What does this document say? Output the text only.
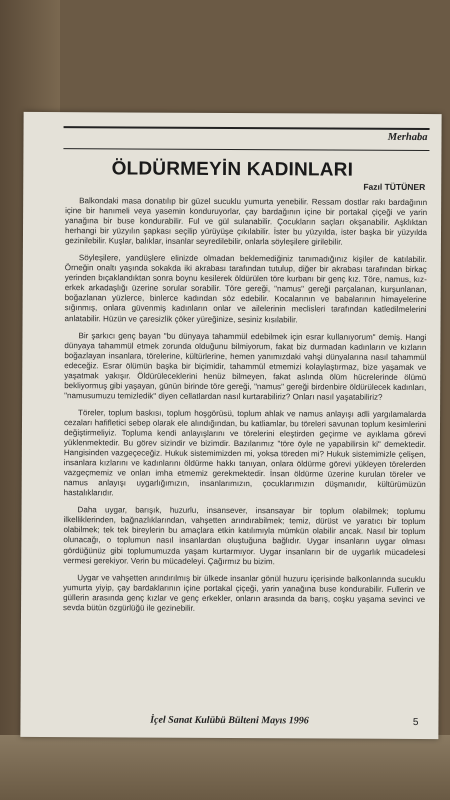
Merhaba
ÖLDÜRMEYİN KADINLARI
Fazıl TÜTÜNER

Balkondaki masa donatılıp bir güzel sucuklu yumurta yenebilir. Ressam dostlar rakı bardağının içine bir hanımeli veya yasemin konduruyorlar, çay bardağının içine bir portakal çiçeği ve yarin yanağına bir buse kondurabilir. Ful ve gül sulanabilir. Çocukların saçları okşanabilir. Aşklıktan herhangi bir yüzyılın şapkası seçilip yürüyüşe çıkılabilir. İster bu yüzyılda, ister başka bir yüzyılda gezinilebilir. Kuşlar, balıklar, insanlar seyredilebilir, onlarla söyleşilere girilebilir.

Söyleşilere, yandüşlere elinizde olmadan beklemediğiniz tanımadığınız kişiler de katılabilir. Örneğin onaltı yaşında sokakda iki akrabası tarafından tutulup, diğer bir akrabası tarafından birkaç yerinden bıçaklandıktan sonra boynu kesilerek öldürülen töre kurbanı bir genç kız. Töre, namus, kız-erkek arkadaşlığı üzerine sorular sorabilir. Töre gereği, "namus" gereği parçalanan, kurşunlanan, boğazlanan yüzlerce, binlerce kadından söz edebilir. Kocalarının ve babalarının himayelerine sığınmış, onlara güvenmiş kadınların onlar ve ailelerinin meclisleri tarafından katledilmelerini anlatabilir. Hüzün ve çaresizlik çöker yüreğinize, sesiniz kısılabilir.

Bir şarkıcı genç bayan "bu dünyaya tahammül edebilmek için esrar kullanıyorum" demiş. Hangi dünyaya tahammül etmek zorunda olduğunu bilmiyorum, fakat biz durmadan kadınların ve kızların boğazlayan insanlara, törelerine, kültürlerine, hemen yanımızdaki vahşi dünyalarına nasıl tahammül edeceğiz. Esrar ölümün başka bir biçimidir, tahammül etmemizi kolaylaştırmaz, bize yaşamak ve yaşatmak yakışır. Öldürüleceklerini henüz bilmeyen, fakat aslında ölüm hücrelerinde ölümü bekliyormuş gibi yaşayan, günün birinde töre gereği, "namus" gereği birdenbire öldürülecek kadınları, "namusumuzu temizledik" diyen cellatlardan nasıl kurtarabiliriz? Onları nasıl yaşatabiliriz?

Töreler, toplum baskısı, toplum hoşgörüsü, toplum ahlak ve namus anlayışı adli yargılamalarda cezaları hafifletici sebep olarak ele alındığından, bu katliamlar, bu töreleri savunan toplum kesimlerini değiştirmeliyiz. Topluma kendi anlayışlarını ve törelerini eleştirden geçirme ve ayıklama görevi yüklenmektedir. Bu görev sizindir ve bizimdir. Bazılarımız "töre öyle ne yapabilirsin ki" demektedir. Hangisinden vazgeçeceğiz. Hukuk sistemimizden mi, yoksa töreden mi? Hukuk sistemimizle çelişen, insanlara kızlarını ve kadınlarını öldürme hakkı tanıyan, onlara öldürme görevi yükleyen törelerden vazgeçmemiz ve onları imha etmemiz gerekmektedir. İnsan öldürme üzerine kurulan töreler ve namus anlayışı uygarlığımızın, insanlarımızın, çocuklarımızın düşmanıdır, kültürümüzün hastalıklarıdır.

Daha uygar, barışık, huzurlu, insansever, insansayar bir toplum olabilmek; toplumu ilkelliklerinden, bağnazlıklarından, vahşetten arındırabilmek; temiz, dürüst ve yaratıcı bir toplum olabilmek; tek tek bireylerin bu amaçlara etkin katılımıyla mümkün olabilir ancak. Nasıl bir toplum olunacağı, o toplumun nasıl insanlardan oluştuğuna bağlıdır. Uygar insanların uygar olması gördüğünüz gibi toplumumuzda yaşam kurtarmıyor. Uygar insanların bir de uygarlık mücadelesi vermesi gerekiyor. Verin bu mücadeleyi. Çağırmız bu bizim.

Uygar ve vahşetten arındırılmış bir ülkede insanlar gönül huzuru içerisinde balkonlarında sucuklu yumurta yiyip, çay bardaklarının içine portakal çiçeği, yarin yanağına buse kondurabilir. Fullerin ve güllerin arasında genç kızlar ve genç erkekler, onların arasında da barış, coşku yaşama sevinci ve sevda bütün özgürlüğü ile gezinebilir.

İçel Sanat Kulübü Bülteni Mayıs 1996	5
